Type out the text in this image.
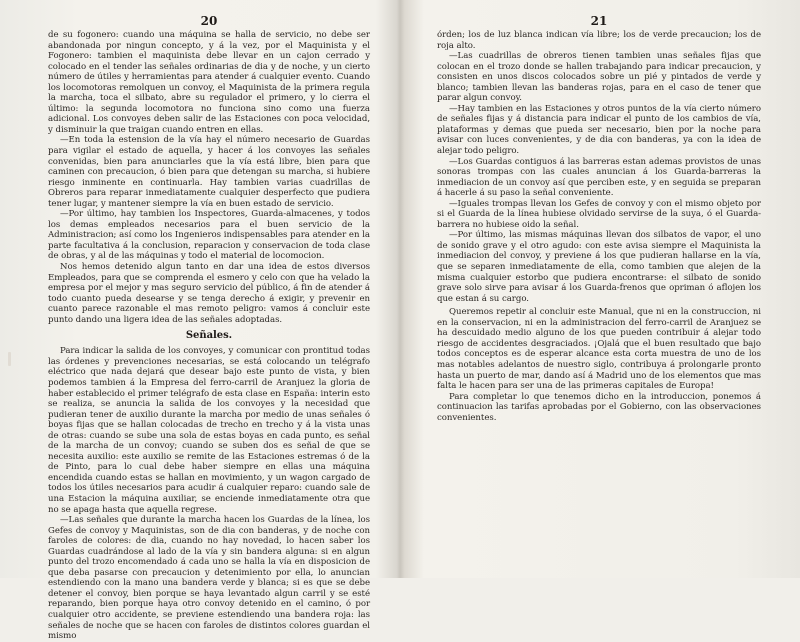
20

de su fogonero: cuando una máquina se halla de servicio, no debe ser abandonada por ningun concepto, y á la vez, por el Maquinista y el Fogonero: tambien el maquinista debe llevar en un cajon cerrado y colocado en el tender las señales ordinarias de dia y de noche, y un cierto número de útiles y herramientas para atender á cualquier evento. Cuando los locomotoras remolquen un convoy, el Maquinista de la primera regula la marcha, toca el silbato, abre su regulador el primero, y lo cierra el último: la segunda locomotora no funciona sino como una fuerza adicional. Los convoyes deben salir de las Estaciones con poca velocidad, y disminuir la que traigan cuando entren en ellas.

—En toda la estension de la vía hay el número necesario de Guardas para vigilar el estado de aquella, y hacer á los convoyes las señales convenidas, bien para anunciarles que la vía está libre, bien para que caminen con precaucion, ó bien para que detengan su marcha, si hubiere riesgo inminente en continuarla. Hay tambien varias cuadrillas de Obreros para reparar inmediatamente cualquier desperfecto que pudiera tener lugar, y mantener siempre la vía en buen estado de servicio.

—Por último, hay tambien los Inspectores, Guarda-almacenes, y todos los demas empleados necesarios para el buen servicio de la Administracion; así como los Ingenieros indispensables para atender en la parte facultativa á la conclusion, reparacion y conservacion de toda clase de obras, y al de las máquinas y todo el material de locomocion.

Nos hemos detenido algun tanto en dar una idea de estos diversos Empleados, para que se comprenda el esmero y celo con que ha velado la empresa por el mejor y mas seguro servicio del público, á fin de atender á todo cuanto pueda desearse y se tenga derecho á exigir, y prevenir en cuanto parece razonable el mas remoto peligro: vamos á concluir este punto dando una ligera idea de las señales adoptadas.

Señales.

Para indicar la salida de los convoyes, y comunicar con prontitud todas las órdenes y prevenciones necesarias, se está colocando un telégrafo eléctrico que nada dejará que desear bajo este punto de vista, y bien podemos tambien á la Empresa del ferro-carril de Aranjuez la gloria de haber establecido el primer telégrafo de esta clase en España: interin esto se realiza, se anuncia la salida de los convoyes y la necesidad que pudieran tener de auxilio durante la marcha por medio de unas señales ó boyas fijas que se hallan colocadas de trecho en trecho y á la vista unas de otras: cuando se sube una sola de estas boyas en cada punto, es señal de la marcha de un convoy; cuando se suben dos es señal de que se necesita auxilio: este auxilio se remite de las Estaciones estremas ó de la de Pinto, para lo cual debe haber siempre en ellas una máquina encendida cuando estas se hallan en movimiento, y un wagon cargado de todos los útiles necesarios para acudir á cualquier reparo: cuando sale de una Estacion la máquina auxiliar, se enciende inmediatamente otra que no se apaga hasta que aquella regrese.

—Las señales que durante la marcha hacen los Guardas de la línea, los Gefes de convoy y Maquinistas, son de dia con banderas, y de noche con faroles de colores: de dia, cuando no hay novedad, lo hacen saber los Guardas cuadrándose al lado de la vía y sin bandera alguna: si en algun punto del trozo encomendado á cada uno se halla la vía en disposicion de que deba pasarse con precaucion y detenimiento por ella, lo anuncian estendiendo con la mano una bandera verde y blanca; si es que se debe detener el convoy, bien porque se haya levantado algun carril y se esté reparando, bien porque haya otro convoy detenido en el camino, ó por cualquier otro accidente, se previene estendiendo una bandera roja: las señales de noche que se hacen con faroles de distintos colores guardan el mismo

21

órden; los de luz blanca indican vía libre; los de verde precaucion; los de roja alto.

—Las cuadrillas de obreros tienen tambien unas señales fijas que colocan en el trozo donde se hallen trabajando para indicar precaucion, y consisten en unos discos colocados sobre un pié y pintados de verde y blanco; tambien llevan las banderas rojas, para en el caso de tener que parar algun convoy.

—Hay tambien en las Estaciones y otros puntos de la vía cierto número de señales fijas y á distancia para indicar el punto de los cambios de vía, plataformas y demas que pueda ser necesario, bien por la noche para avisar con luces convenientes, y de dia con banderas, ya con la idea de alejar todo peligro.

—Los Guardas contiguos á las barreras estan ademas provistos de unas sonoras trompas con las cuales anuncian á los Guarda-barreras la inmediacion de un convoy así que perciben este, y en seguida se preparan á hacerle á su paso la señal conveniente.

—Iguales trompas llevan los Gefes de convoy y con el mismo objeto por si el Guarda de la línea hubiese olvidado servirse de la suya, ó el Guarda-barrera no hubiese oido la señal.

—Por último, las mismas máquinas llevan dos silbatos de vapor, el uno de sonido grave y el otro agudo: con este avisa siempre el Maquinista la inmediacion del convoy, y previene á los que pudieran hallarse en la vía, que se separen inmediatamente de ella, como tambien que alejen de la misma cualquier estorbo que pudiera encontrarse: el silbato de sonido grave solo sirve para avisar á los Guarda-frenos que opriman ó aflojen los que estan á su cargo.

Queremos repetir al concluir este Manual, que ni en la construccion, ni en la conservacion, ni en la administracion del ferro-carril de Aranjuez se ha descuidado medio alguno de los que pueden contribuir á alejar todo riesgo de accidentes desgraciados. ¡Ojalá que el buen resultado que bajo todos conceptos es de esperar alcance esta corta muestra de uno de los mas notables adelantos de nuestro siglo, contribuya á prolongarle pronto hasta un puerto de mar, dando así á Madrid uno de los elementos que mas falta le hacen para ser una de las primeras capitales de Europa!

Para completar lo que tenemos dicho en la introduccion, ponemos á continuacion las tarifas aprobadas por el Gobierno, con las observaciones convenientes.
